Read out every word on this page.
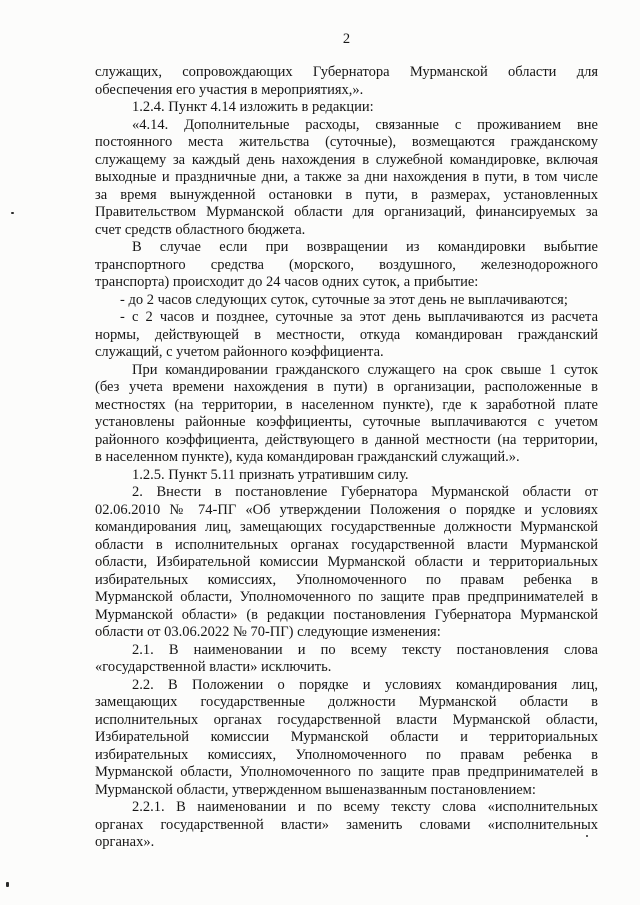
2
служащих, сопровождающих Губернатора Мурманской области для
обеспечения его участия в мероприятиях,».
1.2.4. Пункт 4.14 изложить в редакции:
«4.14. Дополнительные расходы, связанные с проживанием вне
постоянного места жительства (суточные), возмещаются гражданскому
служащему за каждый день нахождения в служебной командировке, включая
выходные и праздничные дни, а также за дни нахождения в пути, в том числе
за время вынужденной остановки в пути, в размерах, установленных
Правительством Мурманской области для организаций, финансируемых за
счет средств областного бюджета.
В случае если при возвращении из командировки выбытие
транспортного средства (морского, воздушного, железнодорожного
транспорта) происходит до 24 часов одних суток, а прибытие:
- до 2 часов следующих суток, суточные за этот день не выплачиваются;
- с 2 часов и позднее, суточные за этот день выплачиваются из расчета
нормы, действующей в местности, откуда командирован гражданский
служащий, с учетом районного коэффициента.
При командировании гражданского служащего на срок свыше 1 суток
(без учета времени нахождения в пути) в организации, расположенные в
местностях (на территории, в населенном пункте), где к заработной плате
установлены районные коэффициенты, суточные выплачиваются с учетом
районного коэффициента, действующего в данной местности (на территории,
в населенном пункте), куда командирован гражданский служащий.».
1.2.5. Пункт 5.11 признать утратившим силу.
2. Внести в постановление Губернатора Мурманской области от
02.06.2010 № 74-ПГ «Об утверждении Положения о порядке и условиях
командирования лиц, замещающих государственные должности Мурманской
области в исполнительных органах государственной власти Мурманской
области, Избирательной комиссии Мурманской области и территориальных
избирательных комиссиях, Уполномоченного по правам ребенка в
Мурманской области, Уполномоченного по защите прав предпринимателей в
Мурманской области» (в редакции постановления Губернатора Мурманской
области от 03.06.2022 № 70-ПГ) следующие изменения:
2.1. В наименовании и по всему тексту постановления слова
«государственной власти» исключить.
2.2. В Положении о порядке и условиях командирования лиц,
замещающих государственные должности Мурманской области в
исполнительных органах государственной власти Мурманской области,
Избирательной комиссии Мурманской области и территориальных
избирательных комиссиях, Уполномоченного по правам ребенка в
Мурманской области, Уполномоченного по защите прав предпринимателей в
Мурманской области, утвержденном вышеназванным постановлением:
2.2.1. В наименовании и по всему тексту слова «исполнительных
органах государственной власти» заменить словами «исполнительных
органах».
